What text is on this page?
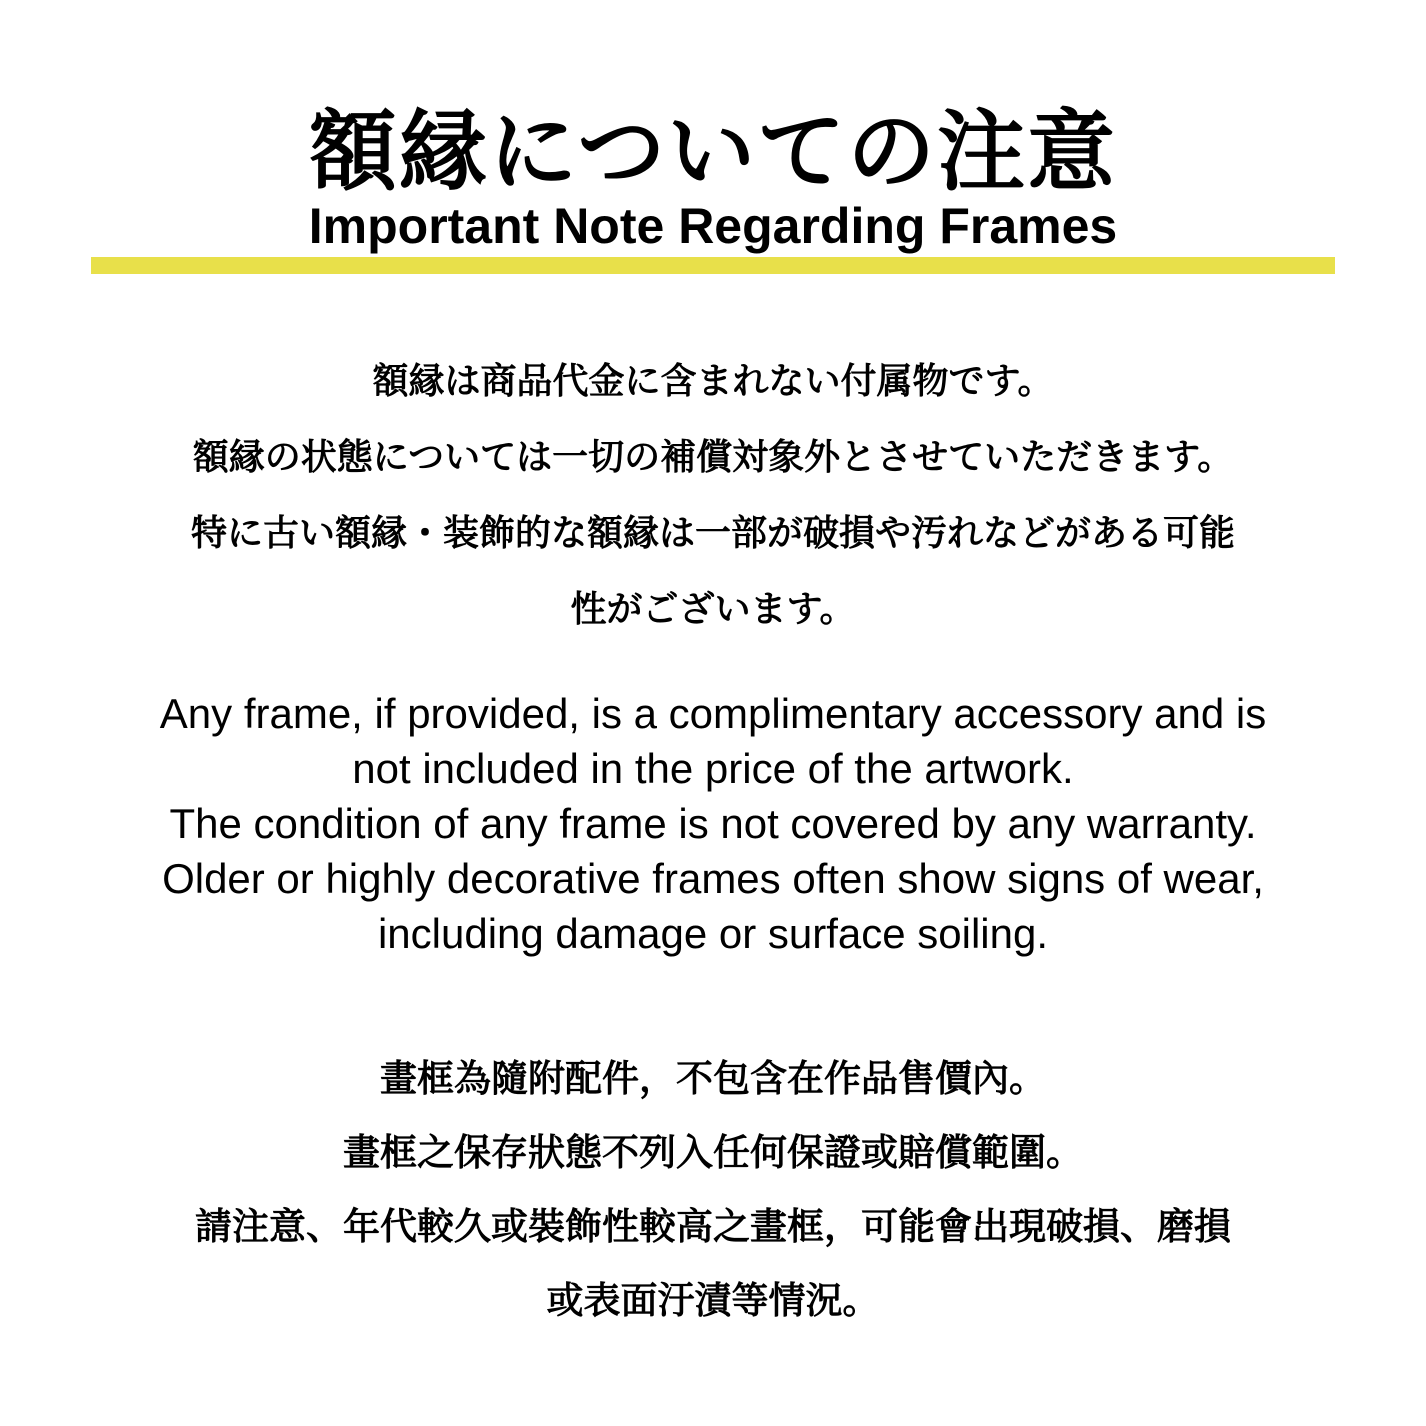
額縁についての注意
Important Note Regarding Frames
額縁は商品代金に含まれない付属物です。
額縁の状態については一切の補償対象外とさせていただきます。
特に古い額縁・装飾的な額縁は一部が破損や汚れなどがある可能
性がございます。
Any frame, if provided, is a complimentary accessory and is
not included in the price of the artwork.
The condition of any frame is not covered by any warranty.
Older or highly decorative frames often show signs of wear,
including damage or surface soiling.
畫框為隨附配件，不包含在作品售價內。
畫框之保存狀態不列入任何保證或賠償範圍。
請注意、年代較久或裝飾性較高之畫框，可能會出現破損、磨損
或表面汙漬等情況。
